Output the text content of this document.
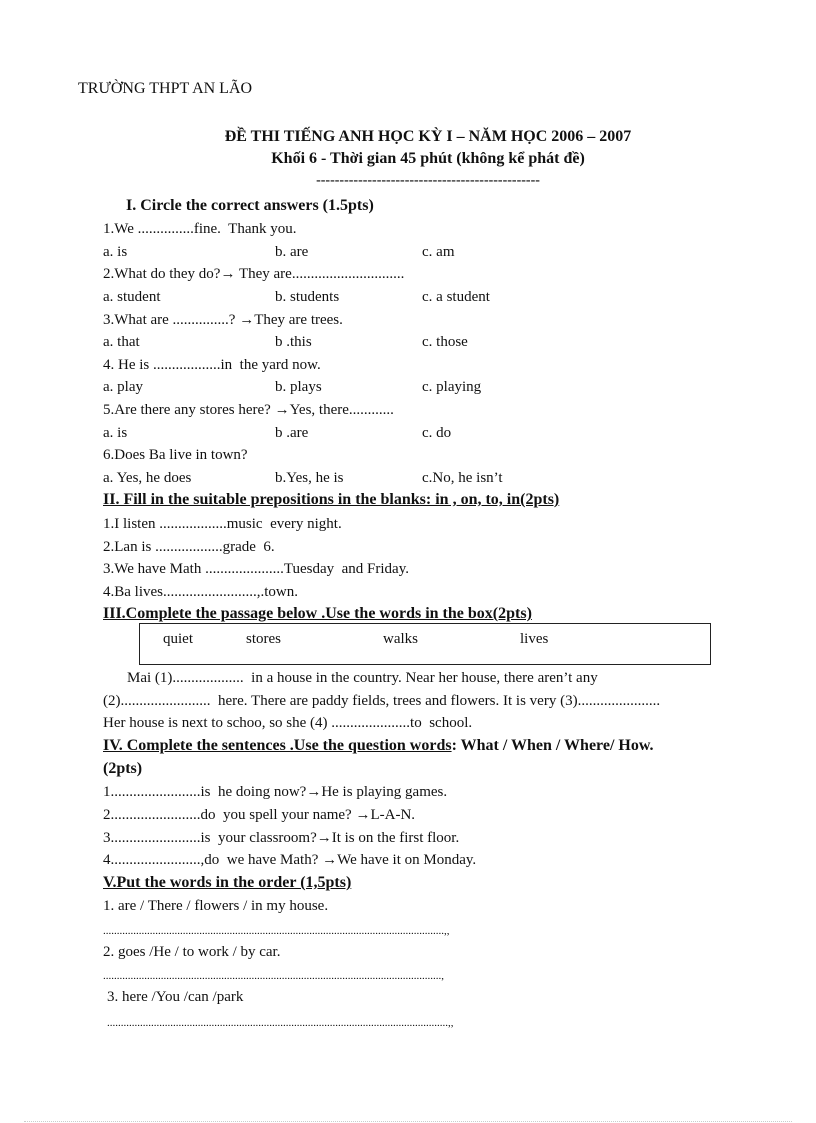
TRƯỜNG THPT AN LÃO
ĐỀ THI TIẾNG ANH HỌC KỲ I – NĂM HỌC 2006 – 2007
Khối 6 - Thời gian 45 phút (không kể phát đề)
------------------------------------------------
I. Circle the correct answers (1.5pts)
1.We ...............fine.  Thank you.
a. is	b. are	c. am
2.What do they do?→ They are..............................
a. student	b. students	c. a student
3.What are ...............? →They are trees.
a. that	b .this	c. those
4. He is ..................in  the yard now.
a. play	b. plays	c. playing
5.Are there any stores here? →Yes, there............
a. is	b .are	c. do
6.Does Ba live in town?
a. Yes, he does	b.Yes, he is	c.No, he isn’t
II. Fill in the suitable prepositions in the blanks: in , on, to, in(2pts)
1.I listen ..................music  every night.
2.Lan is ..................grade  6.
3.We have Math .....................Tuesday  and Friday.
4.Ba lives.........................,.town.
III.Complete the passage below .Use the words in the box(2pts)
quiet	stores	walks	lives
Mai (1)...................  in a house in the country. Near her house, there aren’t any
(2)........................  here. There are paddy fields, trees and flowers. It is very (3)......................
Her house is next to schoo, so she (4) .....................to  school.
IV. Complete the sentences .Use the question words: What / When / Where/ How.
(2pts)
1........................is  he doing now?→He is playing games.
2........................do  you spell your name? →L-A-N.
3........................is  your classroom?→It is on the first floor.
4........................,do  we have Math? →We have it on Monday.
V.Put the words in the order (1,5pts)
1. are / There / flowers / in my house.
............................................................................................................................,,
2. goes /He / to work / by car.
...........................................................................................................................,
3. here /You /can /park
............................................................................................................................,,
